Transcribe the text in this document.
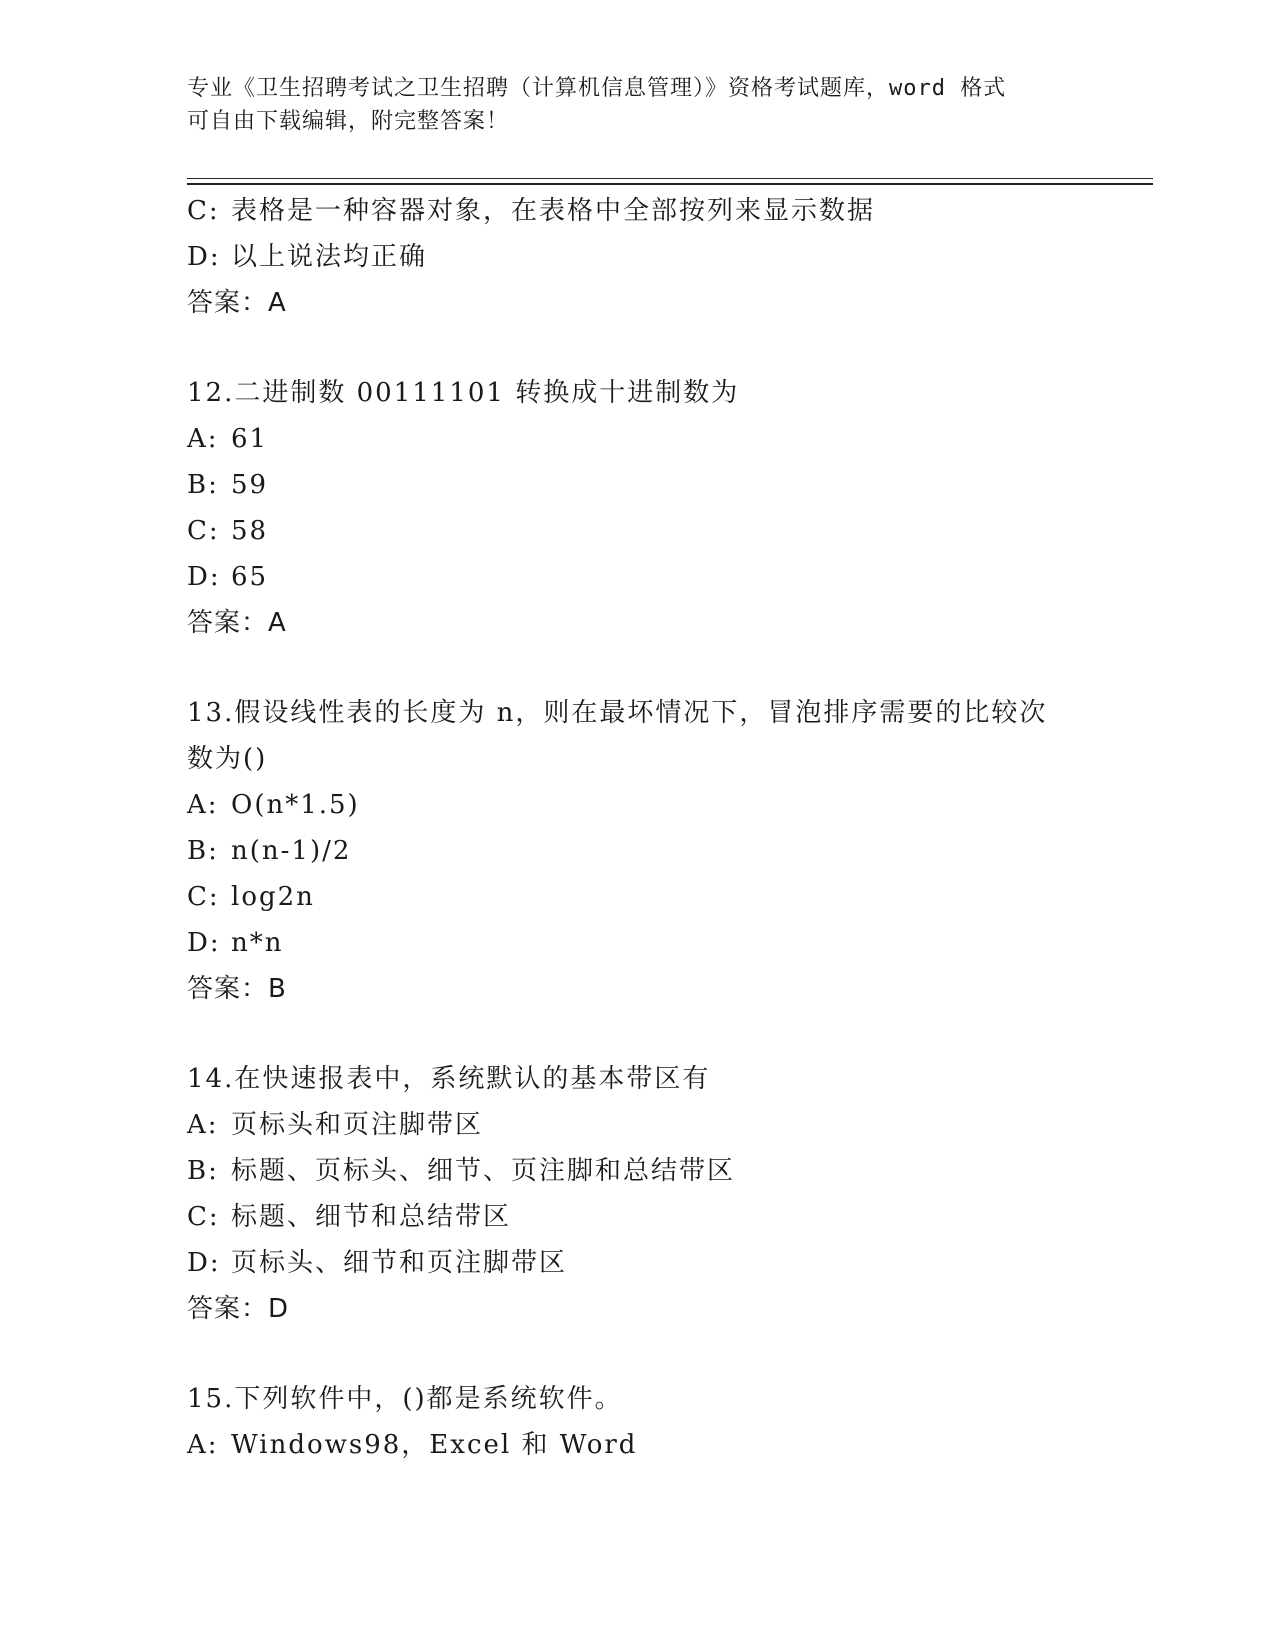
专业《卫生招聘考试之卫生招聘（计算机信息管理）》资格考试题库，word 格式
可自由下载编辑，附完整答案！
C: 表格是一种容器对象，在表格中全部按列来显示数据
D: 以上说法均正确
答案：A
12.二进制数 00111101 转换成十进制数为
A: 61
B: 59
C: 58
D: 65
答案：A
13.假设线性表的长度为 n，则在最坏情况下，冒泡排序需要的比较次
数为()
A: O(n*1.5)
B: n(n-1)/2
C: log2n
D: n*n
答案：B
14.在快速报表中，系统默认的基本带区有
A: 页标头和页注脚带区
B: 标题、页标头、细节、页注脚和总结带区
C: 标题、细节和总结带区
D: 页标头、细节和页注脚带区
答案：D
15.下列软件中，()都是系统软件。
A: Windows98，Excel 和 Word
